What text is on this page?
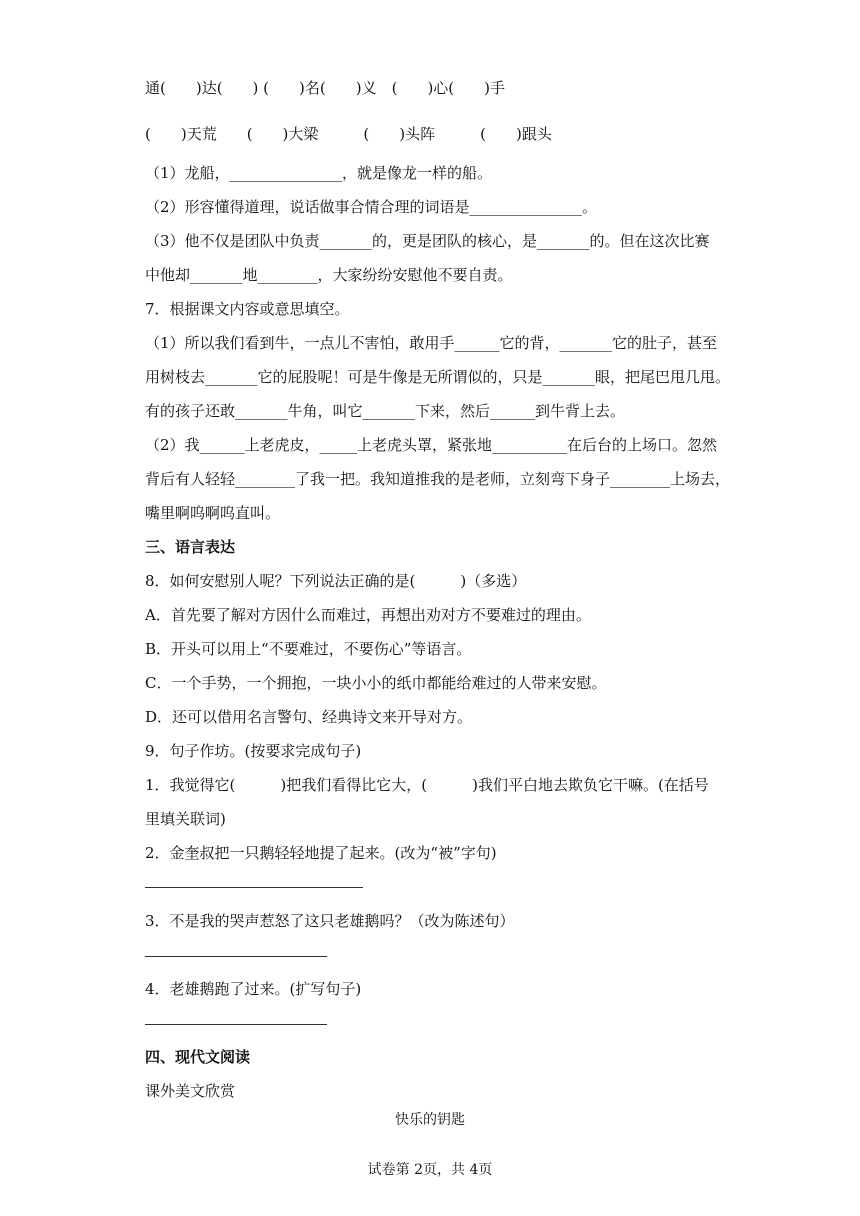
通(　　)达(　　) (　　)名(　　)义　(　　)心(　　)手
(　　)天荒　　(　　)大梁　　　(　　)头阵　　　(　　)跟头
（1）龙船，_______________，就是像龙一样的船。
（2）形容懂得道理，说话做事合情合理的词语是_______________。
（3）他不仅是团队中负责_______的，更是团队的核心，是_______的。但在这次比赛
中他却_______地________，大家纷纷安慰他不要自责。
7．根据课文内容或意思填空。
（1）所以我们看到牛，一点儿不害怕，敢用手______它的背，_______它的肚子，甚至
用树枝去_______它的屁股呢！可是牛像是无所谓似的，只是_______眼，把尾巴甩几甩。
有的孩子还敢_______牛角，叫它_______下来，然后______到牛背上去。
（2）我______上老虎皮，_____上老虎头罩，紧张地__________在后台的上场口。忽然
背后有人轻轻________了我一把。我知道推我的是老师，立刻弯下身子________上场去，
嘴里啊呜啊呜直叫。
三、语言表达
8．如何安慰别人呢？下列说法正确的是(　　　)（多选）
A．首先要了解对方因什么而难过，再想出劝对方不要难过的理由。
B．开头可以用上“不要难过，不要伤心”等语言。
C．一个手势，一个拥抱，一块小小的纸巾都能给难过的人带来安慰。
D．还可以借用名言警句、经典诗文来开导对方。
9．句子作坊。(按要求完成句子)
1．我觉得它(　　　)把我们看得比它大，(　　　)我们平白地去欺负它干嘛。(在括号
里填关联词)
2．金奎叔把一只鹅轻轻地提了起来。(改为“被”字句)
3．不是我的哭声惹怒了这只老雄鹅吗？（改为陈述句）
4．老雄鹅跑了过来。(扩写句子)
四、现代文阅读
课外美文欣赏
快乐的钥匙
试卷第 2页，共 4页
